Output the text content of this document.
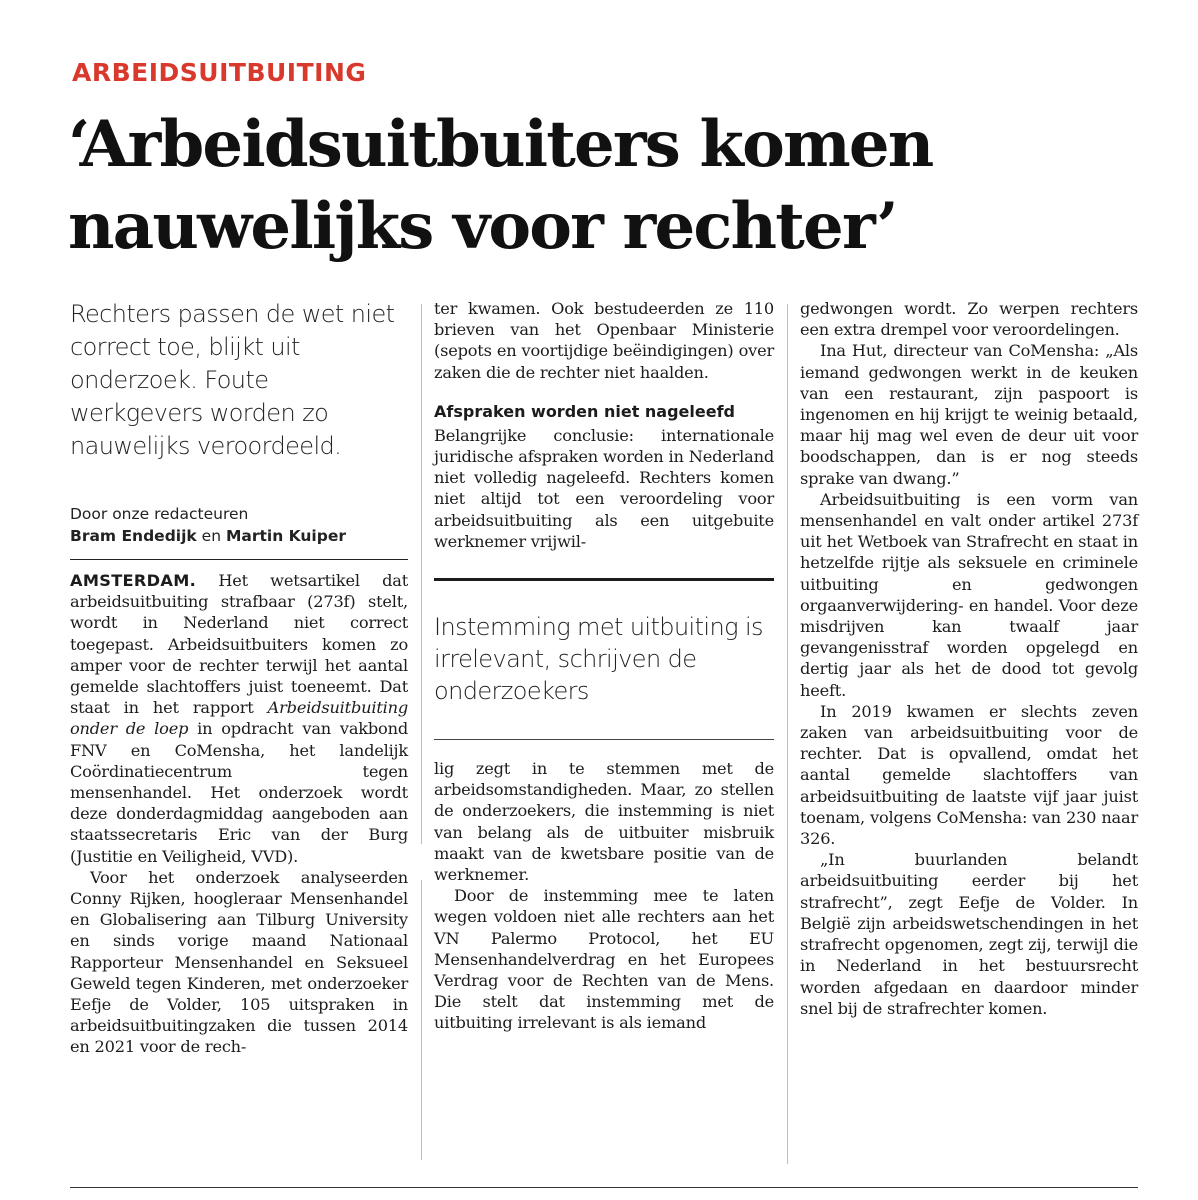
ARBEIDSUITBUITING
‘Arbeidsuitbuiters komen
nauwelijks voor rechter’

Rechters passen de wet niet correct toe, blijkt uit onderzoek. Foute werkgevers worden zo nauwelijks veroordeeld.

Door onze redacteuren
Bram Endedijk en Martin Kuiper

AMSTERDAM. Het wetsartikel dat arbeidsuitbuiting strafbaar (273f) stelt, wordt in Nederland niet correct toegepast. Arbeidsuitbuiters komen zo amper voor de rechter terwijl het aantal gemelde slachtoffers juist toeneemt. Dat staat in het rapport Arbeidsuitbuiting onder de loep in opdracht van vakbond FNV en CoMensha, het landelijk Coördinatiecentrum tegen mensenhandel. Het onderzoek wordt deze donderdagmiddag aangeboden aan staatssecretaris Eric van der Burg (Justitie en Veiligheid, VVD).

Voor het onderzoek analyseerden Conny Rijken, hoogleraar Mensenhandel en Globalisering aan Tilburg University en sinds vorige maand Nationaal Rapporteur Mensenhandel en Seksueel Geweld tegen Kinderen, met onderzoeker Eefje de Volder, 105 uitspraken in arbeidsuitbuitingzaken die tussen 2014 en 2021 voor de rech-

ter kwamen. Ook bestudeerden ze 110 brieven van het Openbaar Ministerie (sepots en voortijdige beëindigingen) over zaken die de rechter niet haalden.

Afspraken worden niet nageleefd

Belangrijke conclusie: internationale juridische afspraken worden in Nederland niet volledig nageleefd. Rechters komen niet altijd tot een veroordeling voor arbeidsuitbuiting als een uitgebuite werknemer vrijwil-

Instemming met uitbuiting is irrelevant, schrijven de onderzoekers

lig zegt in te stemmen met de arbeidsomstandigheden. Maar, zo stellen de onderzoekers, die instemming is niet van belang als de uitbuiter misbruik maakt van de kwetsbare positie van de werknemer.

Door de instemming mee te laten wegen voldoen niet alle rechters aan het VN Palermo Protocol, het EU Mensenhandelverdrag en het Europees Verdrag voor de Rechten van de Mens. Die stelt dat instemming met de uitbuiting irrelevant is als iemand

gedwongen wordt. Zo werpen rechters een extra drempel voor veroordelingen.

Ina Hut, directeur van CoMensha: „Als iemand gedwongen werkt in de keuken van een restaurant, zijn paspoort is ingenomen en hij krijgt te weinig betaald, maar hij mag wel even de deur uit voor boodschappen, dan is er nog steeds sprake van dwang.”

Arbeidsuitbuiting is een vorm van mensenhandel en valt onder artikel 273f uit het Wetboek van Strafrecht en staat in hetzelfde rijtje als seksuele en criminele uitbuiting en gedwongen orgaanverwijdering- en handel. Voor deze misdrijven kan twaalf jaar gevangenisstraf worden opgelegd en dertig jaar als het de dood tot gevolg heeft.

In 2019 kwamen er slechts zeven zaken van arbeidsuitbuiting voor de rechter. Dat is opvallend, omdat het aantal gemelde slachtoffers van arbeidsuitbuiting de laatste vijf jaar juist toenam, volgens CoMensha: van 230 naar 326.

„In buurlanden belandt arbeidsuitbuiting eerder bij het strafrecht”, zegt Eefje de Volder. In België zijn arbeidswetschendingen in het strafrecht opgenomen, zegt zij, terwijl die in Nederland in het bestuursrecht worden afgedaan en daardoor minder snel bij de strafrechter komen.
